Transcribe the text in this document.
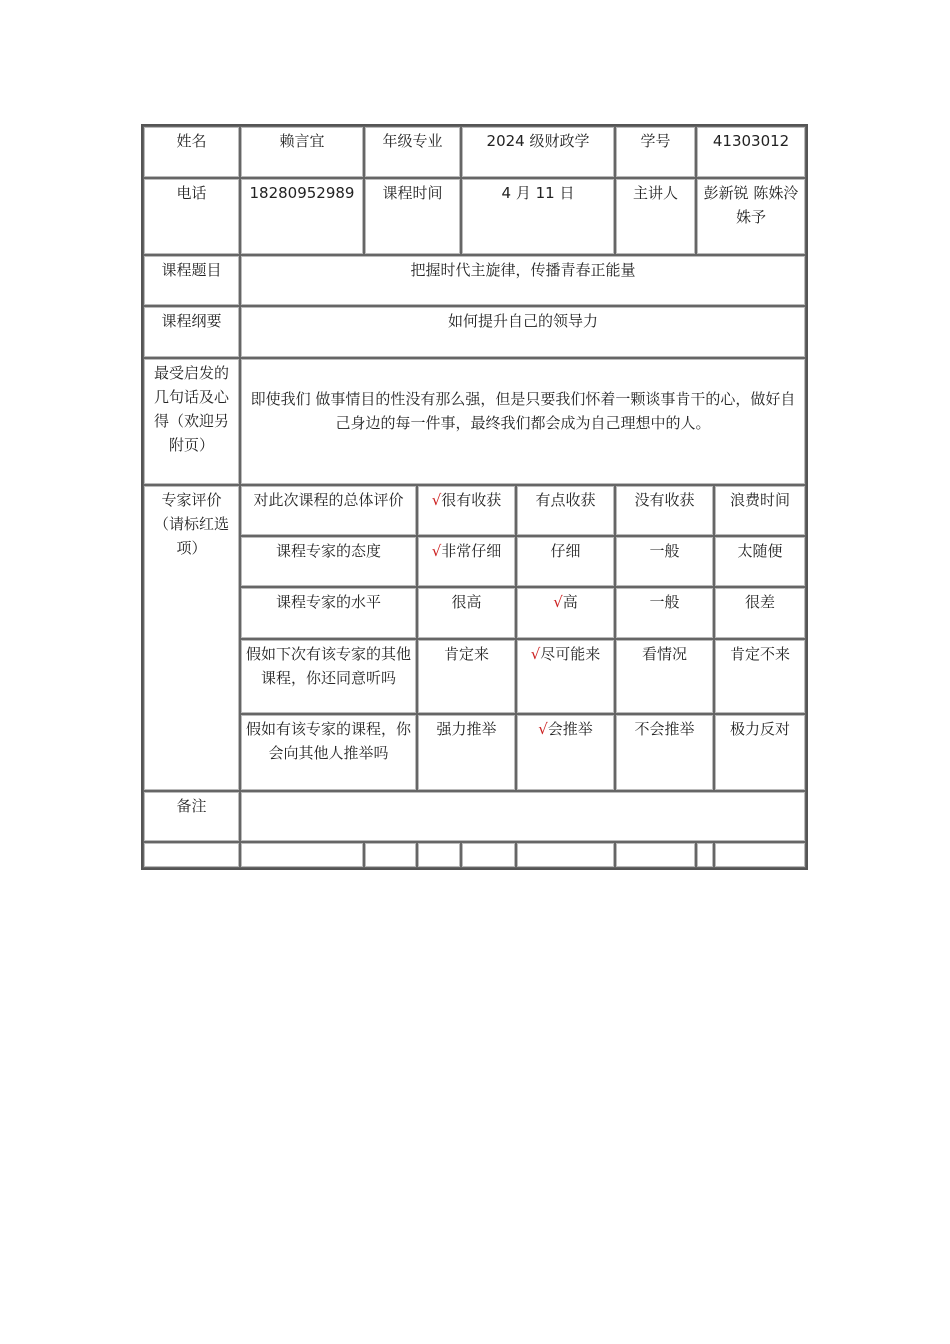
姓名	赖言宜	年级专业		2024 级财政学		学号	41303012	
电话	18280952989	课程时间		4 月 11 日		主讲人	彭新锐 陈姝泠姝予	
课程题目	把握时代主旋律，传播青春正能量							
课程纲要	如何提升自己的领导力							
最受启发的几句话及心得（欢迎另附页）	即使我们 做事情目的性没有那么强，但是只要我们怀着一颗谈事肯干的心，做好自己身边的每一件事，最终我们都会成为自己理想中的人。							
专家评价（请标红选项）	对此次课程的总体评价		√很有收获		有点收获	没有收获		浪费时间
	课程专家的态度		√非常仔细		仔细	一般		太随便
	课程专家的水平		很高		√高	一般		很差
	假如下次有该专家的其他课程，你还同意听吗		肯定来		√尽可能来	看情况		肯定不来
	假如有该专家的课程，你会向其他人推举吗		强力推举		√会推举	不会推举		极力反对
备注								
